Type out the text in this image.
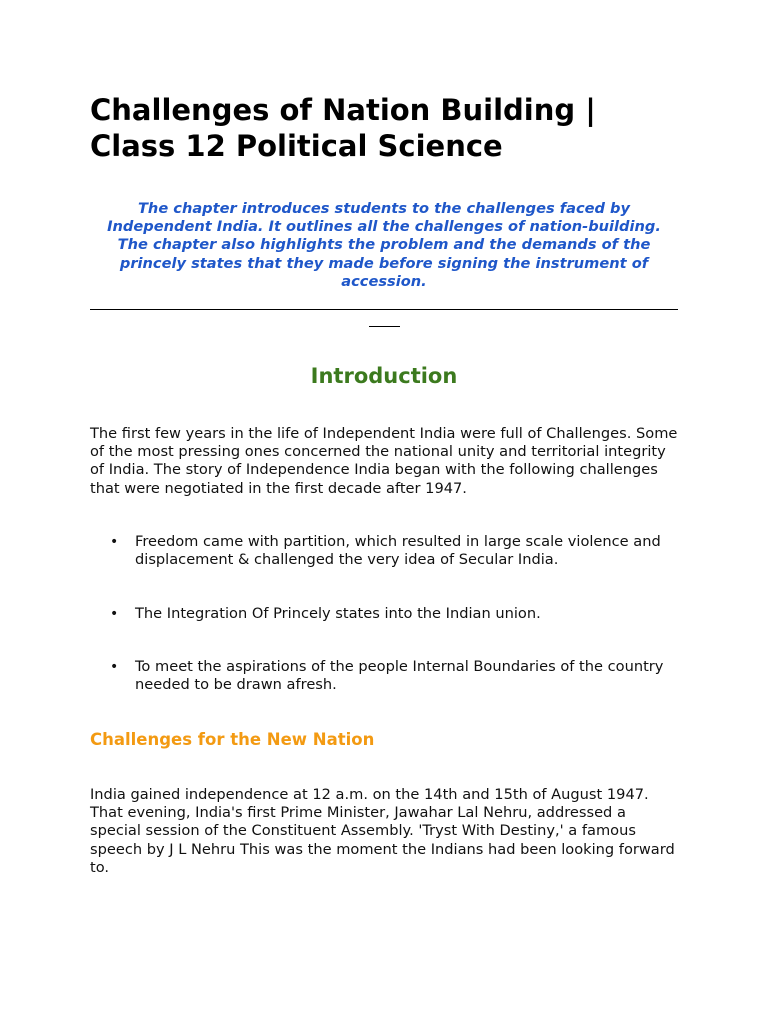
Challenges of Nation Building | Class 12 Political Science

The chapter introduces students to the challenges faced by Independent India. It outlines all the challenges of nation-building. The chapter also highlights the problem and the demands of the princely states that they made before signing the instrument of accession.

Introduction

The first few years in the life of Independent India were full of Challenges. Some of the most pressing ones concerned the national unity and territorial integrity of India. The story of Independence India began with the following challenges that were negotiated in the first decade after 1947.

• Freedom came with partition, which resulted in large scale violence and displacement & challenged the very idea of Secular India.
• The Integration Of Princely states into the Indian union.
• To meet the aspirations of the people Internal Boundaries of the country needed to be drawn afresh.
Challenges for the New Nation

India gained independence at 12 a.m. on the 14th and 15th of August 1947. That evening, India's first Prime Minister, Jawahar Lal Nehru, addressed a special session of the Constituent Assembly. 'Tryst With Destiny,' a famous speech by J L Nehru This was the moment the Indians had been looking forward to.
